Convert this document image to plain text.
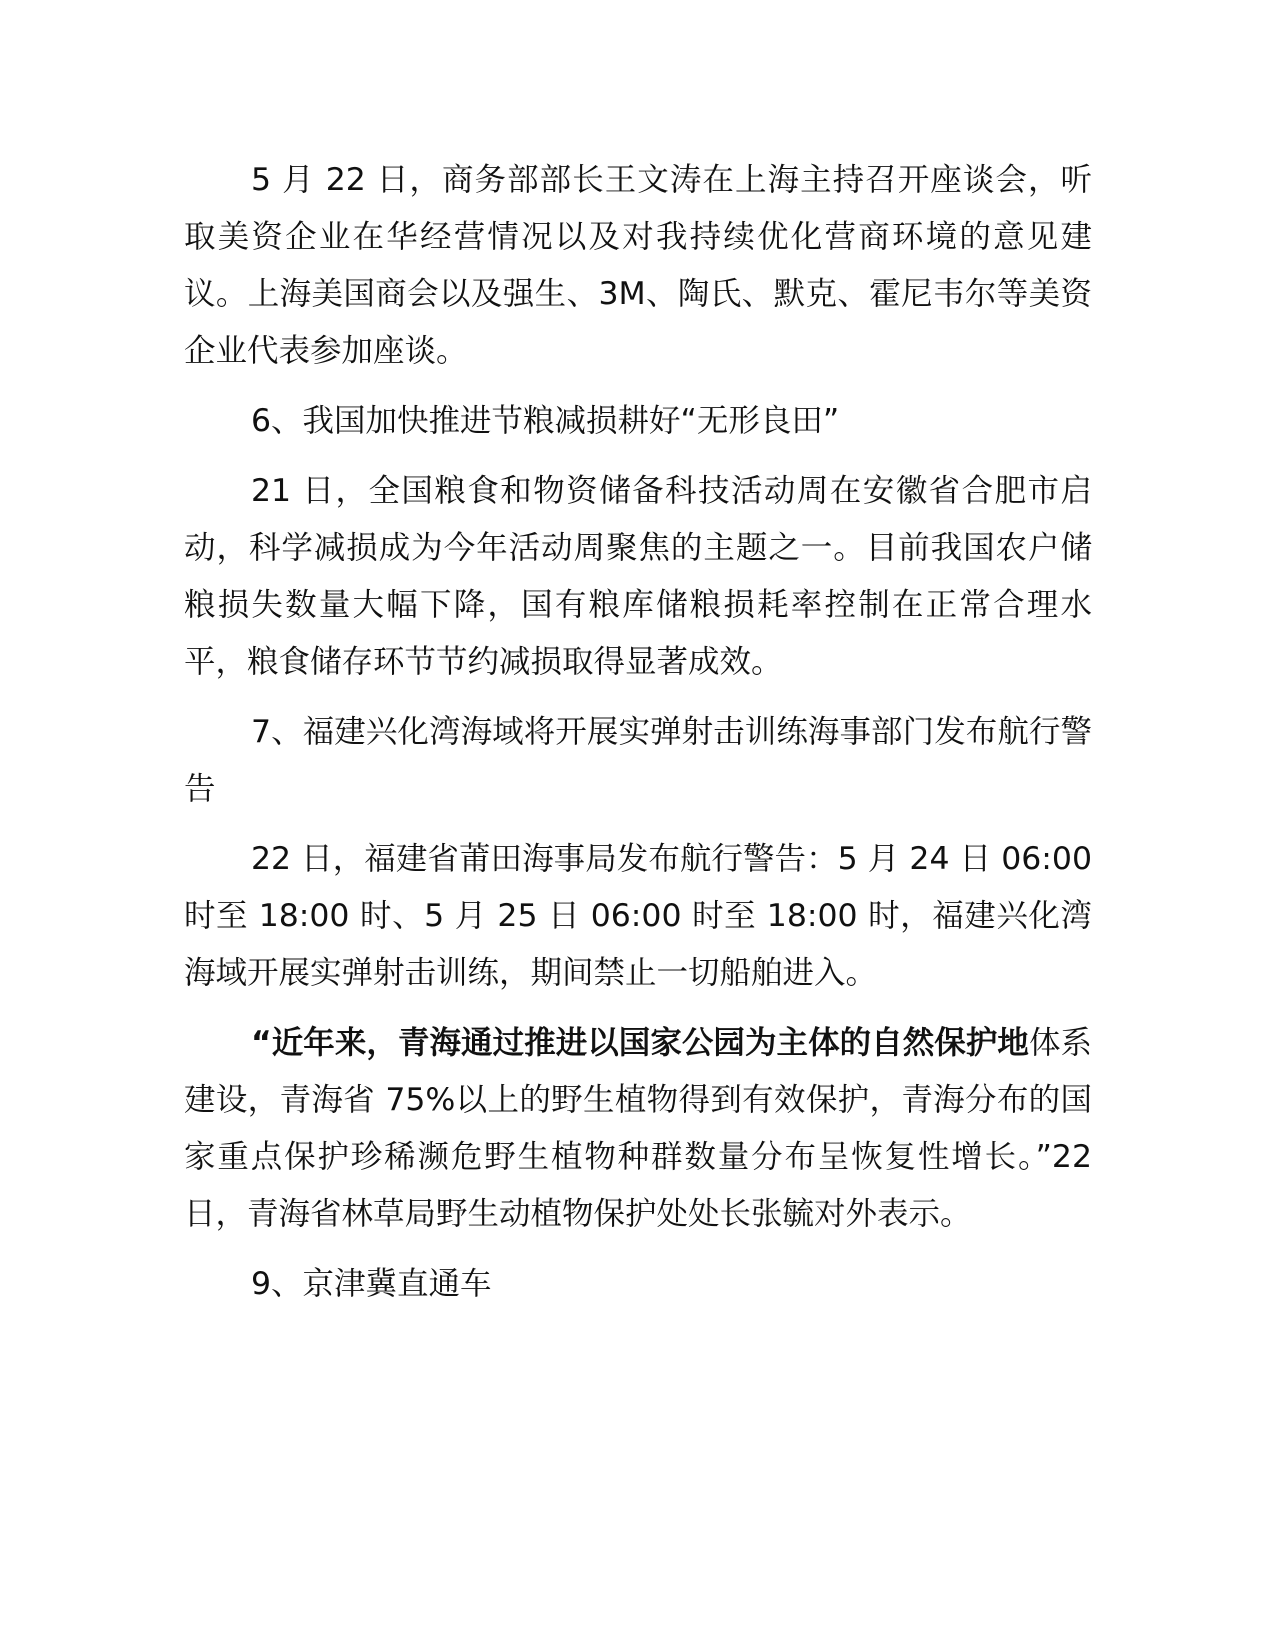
5 月 22 日，商务部部长王文涛在上海主持召开座谈会，听取美资企业在华经营情况以及对我持续优化营商环境的意见建议。上海美国商会以及强生、3M、陶氏、默克、霍尼韦尔等美资企业代表参加座谈。

6、我国加快推进节粮减损耕好“无形良田”

21 日，全国粮食和物资储备科技活动周在安徽省合肥市启动，科学减损成为今年活动周聚焦的主题之一。目前我国农户储粮损失数量大幅下降，国有粮库储粮损耗率控制在正常合理水平，粮食储存环节节约减损取得显著成效。

7、福建兴化湾海域将开展实弹射击训练海事部门发布航行警告

22 日，福建省莆田海事局发布航行警告：5 月 24 日 06:00 时至 18:00 时、5 月 25 日 06:00 时至 18:00 时，福建兴化湾海域开展实弹射击训练，期间禁止一切船舶进入。

“近年来，青海通过推进以国家公园为主体的自然保护地体系建设，青海省 75%以上的野生植物得到有效保护，青海分布的国家重点保护珍稀濒危野生植物种群数量分布呈恢复性增长。”22 日，青海省林草局野生动植物保护处处长张毓对外表示。

9、京津冀直通车
